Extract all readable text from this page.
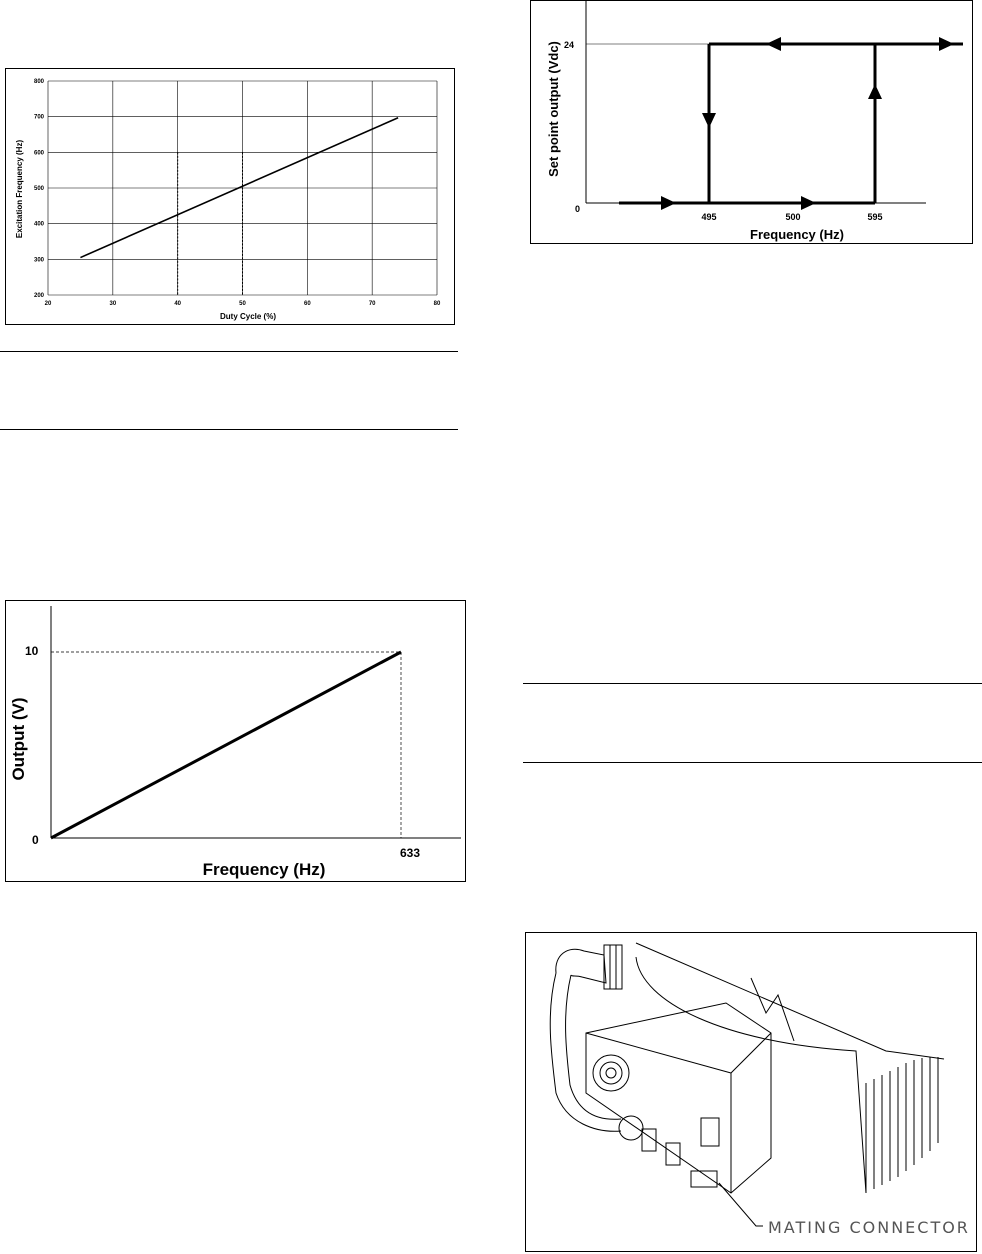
20	30	40	50	60	70	80
200
300
400
500
600
700
800
Duty Cycle (%)
Excitation Frequency (Hz)
24
0
495	500	595
Frequency (Hz)
Set point output (Vdc)
10
0
633
Frequency (Hz)
Output (V)
MATING CONNECTOR
